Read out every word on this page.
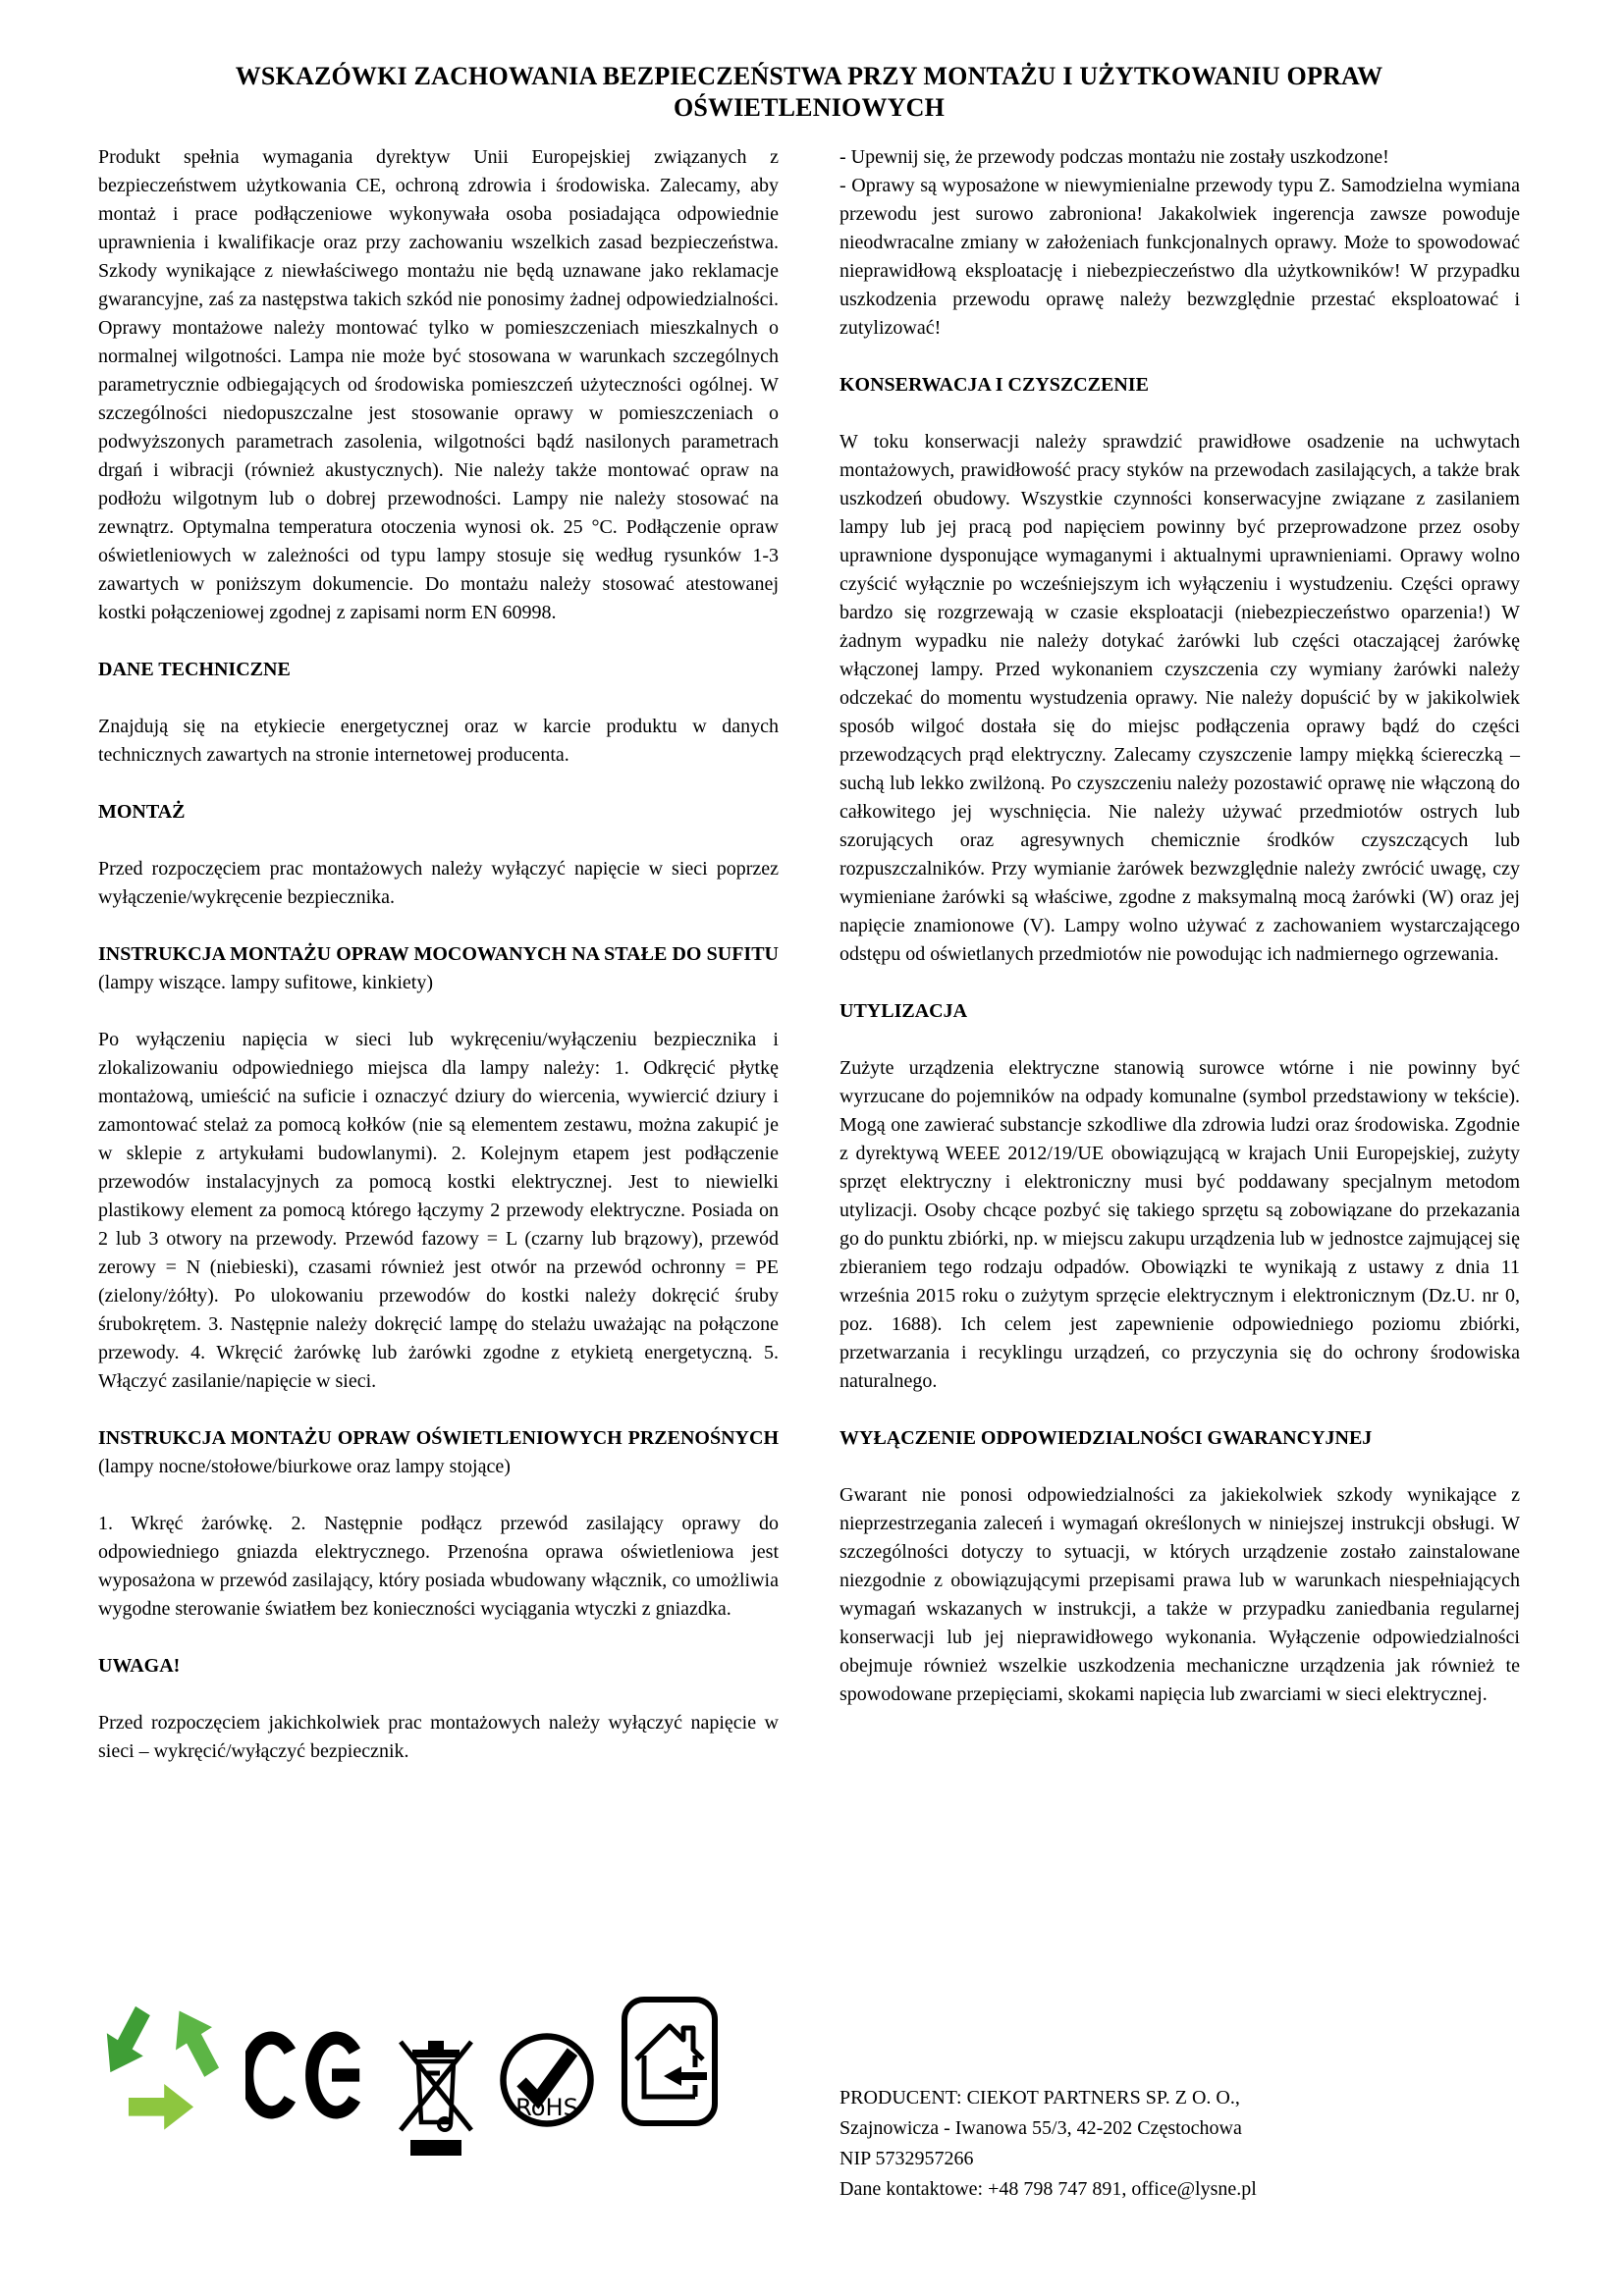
WSKAZÓWKI ZACHOWANIA BEZPIECZEŃSTWA PRZY MONTAŻU I UŻYTKOWANIU OPRAW OŚWIETLENIOWYCH

Produkt spełnia wymagania dyrektyw Unii Europejskiej związanych z bezpieczeństwem użytkowania CE, ochroną zdrowia i środowiska. Zalecamy, aby montaż i prace podłączeniowe wykonywała osoba posiadająca odpowiednie uprawnienia i kwalifikacje oraz przy zachowaniu wszelkich zasad bezpieczeństwa. Szkody wynikające z niewłaściwego montażu nie będą uznawane jako reklamacje gwarancyjne, zaś za następstwa takich szkód nie ponosimy żadnej odpowiedzialności. Oprawy montażowe należy montować tylko w pomieszczeniach mieszkalnych o normalnej wilgotności. Lampa nie może być stosowana w warunkach szczególnych parametrycznie odbiegających od środowiska pomieszczeń użyteczności ogólnej. W szczególności niedopuszczalne jest stosowanie oprawy w pomieszczeniach o podwyższonych parametrach zasolenia, wilgotności bądź nasilonych parametrach drgań i wibracji (również akustycznych). Nie należy także montować opraw na podłożu wilgotnym lub o dobrej przewodności. Lampy nie należy stosować na zewnątrz. Optymalna temperatura otoczenia wynosi ok. 25 °C. Podłączenie opraw oświetleniowych w zależności od typu lampy stosuje się według rysunków 1-3 zawartych w poniższym dokumencie. Do montażu należy stosować atestowanej kostki połączeniowej zgodnej z zapisami norm EN 60998.

DANE TECHNICZNE

Znajdują się na etykiecie energetycznej oraz w karcie produktu w danych technicznych zawartych na stronie internetowej producenta.

MONTAŻ

Przed rozpoczęciem prac montażowych należy wyłączyć napięcie w sieci poprzez wyłączenie/wykręcenie bezpiecznika.

INSTRUKCJA MONTAŻU OPRAW MOCOWANYCH NA STAŁE DO SUFITU (lampy wiszące. lampy sufitowe, kinkiety)

Po wyłączeniu napięcia w sieci lub wykręceniu/wyłączeniu bezpiecznika i zlokalizowaniu odpowiedniego miejsca dla lampy należy: 1. Odkręcić płytkę montażową, umieścić na suficie i oznaczyć dziury do wiercenia, wywiercić dziury i zamontować stelaż za pomocą kołków (nie są elementem zestawu, można zakupić je w sklepie z artykułami budowlanymi). 2. Kolejnym etapem jest podłączenie przewodów instalacyjnych za pomocą kostki elektrycznej. Jest to niewielki plastikowy element za pomocą którego łączymy 2 przewody elektryczne. Posiada on 2 lub 3 otwory na przewody. Przewód fazowy = L (czarny lub brązowy), przewód zerowy = N (niebieski), czasami również jest otwór na przewód ochronny = PE (zielony/żółty). Po ulokowaniu przewodów do kostki należy dokręcić śruby śrubokrętem. 3. Następnie należy dokręcić lampę do stelażu uważając na połączone przewody. 4. Wkręcić żarówkę lub żarówki zgodne z etykietą energetyczną. 5. Włączyć zasilanie/napięcie w sieci.

INSTRUKCJA MONTAŻU OPRAW OŚWIETLENIOWYCH PRZENOŚNYCH (lampy nocne/stołowe/biurkowe oraz lampy stojące)

1. Wkręć żarówkę. 2. Następnie podłącz przewód zasilający oprawy do odpowiedniego gniazda elektrycznego. Przenośna oprawa oświetleniowa jest wyposażona w przewód zasilający, który posiada wbudowany włącznik, co umożliwia wygodne sterowanie światłem bez konieczności wyciągania wtyczki z gniazdka.

UWAGA!

Przed rozpoczęciem jakichkolwiek prac montażowych należy wyłączyć napięcie w sieci – wykręcić/wyłączyć bezpiecznik.

- Upewnij się, że przewody podczas montażu nie zostały uszkodzone!

- Oprawy są wyposażone w niewymienialne przewody typu Z. Samodzielna wymiana przewodu jest surowo zabroniona! Jakakolwiek ingerencja zawsze powoduje nieodwracalne zmiany w założeniach funkcjonalnych oprawy. Może to spowodować nieprawidłową eksploatację i niebezpieczeństwo dla użytkowników! W przypadku uszkodzenia przewodu oprawę należy bezwzględnie przestać eksploatować i zutylizować!

KONSERWACJA I CZYSZCZENIE

W toku konserwacji należy sprawdzić prawidłowe osadzenie na uchwytach montażowych, prawidłowość pracy styków na przewodach zasilających, a także brak uszkodzeń obudowy. Wszystkie czynności konserwacyjne związane z zasilaniem lampy lub jej pracą pod napięciem powinny być przeprowadzone przez osoby uprawnione dysponujące wymaganymi i aktualnymi uprawnieniami. Oprawy wolno czyścić wyłącznie po wcześniejszym ich wyłączeniu i wystudzeniu. Części oprawy bardzo się rozgrzewają w czasie eksploatacji (niebezpieczeństwo oparzenia!) W żadnym wypadku nie należy dotykać żarówki lub części otaczającej żarówkę włączonej lampy. Przed wykonaniem czyszczenia czy wymiany żarówki należy odczekać do momentu wystudzenia oprawy. Nie należy dopuścić by w jakikolwiek sposób wilgoć dostała się do miejsc podłączenia oprawy bądź do części przewodzących prąd elektryczny. Zalecamy czyszczenie lampy miękką ściereczką – suchą lub lekko zwilżoną. Po czyszczeniu należy pozostawić oprawę nie włączoną do całkowitego jej wyschnięcia. Nie należy używać przedmiotów ostrych lub szorujących oraz agresywnych chemicznie środków czyszczących lub rozpuszczalników. Przy wymianie żarówek bezwzględnie należy zwrócić uwagę, czy wymieniane żarówki są właściwe, zgodne z maksymalną mocą żarówki (W) oraz jej napięcie znamionowe (V). Lampy wolno używać z zachowaniem wystarczającego odstępu od oświetlanych przedmiotów nie powodując ich nadmiernego ogrzewania.

UTYLIZACJA

Zużyte urządzenia elektryczne stanowią surowce wtórne i nie powinny być wyrzucane do pojemników na odpady komunalne (symbol przedstawiony w tekście). Mogą one zawierać substancje szkodliwe dla zdrowia ludzi oraz środowiska. Zgodnie z dyrektywą WEEE 2012/19/UE obowiązującą w krajach Unii Europejskiej, zużyty sprzęt elektryczny i elektroniczny musi być poddawany specjalnym metodom utylizacji. Osoby chcące pozbyć się takiego sprzętu są zobowiązane do przekazania go do punktu zbiórki, np. w miejscu zakupu urządzenia lub w jednostce zajmującej się zbieraniem tego rodzaju odpadów. Obowiązki te wynikają z ustawy z dnia 11 września 2015 roku o zużytym sprzęcie elektrycznym i elektronicznym (Dz.U. nr 0, poz. 1688). Ich celem jest zapewnienie odpowiedniego poziomu zbiórki, przetwarzania i recyklingu urządzeń, co przyczynia się do ochrony środowiska naturalnego.

WYŁĄCZENIE ODPOWIEDZIALNOŚCI GWARANCYJNEJ

Gwarant nie ponosi odpowiedzialności za jakiekolwiek szkody wynikające z nieprzestrzegania zaleceń i wymagań określonych w niniejszej instrukcji obsługi. W szczególności dotyczy to sytuacji, w których urządzenie zostało zainstalowane niezgodnie z obowiązującymi przepisami prawa lub w warunkach niespełniających wymagań wskazanych w instrukcji, a także w przypadku zaniedbania regularnej konserwacji lub jej nieprawidłowego wykonania. Wyłączenie odpowiedzialności obejmuje również wszelkie uszkodzenia mechaniczne urządzenia jak również te spowodowane przepięciami, skokami napięcia lub zwarciami w sieci elektrycznej.

RoHS	PRODUCENT: CIEKOT PARTNERS SP. Z O. O.,
Szajnowicza - Iwanowa 55/3, 42-202 Częstochowa
NIP 5732957266
Dane kontaktowe: +48 798 747 891, office@lysne.pl
